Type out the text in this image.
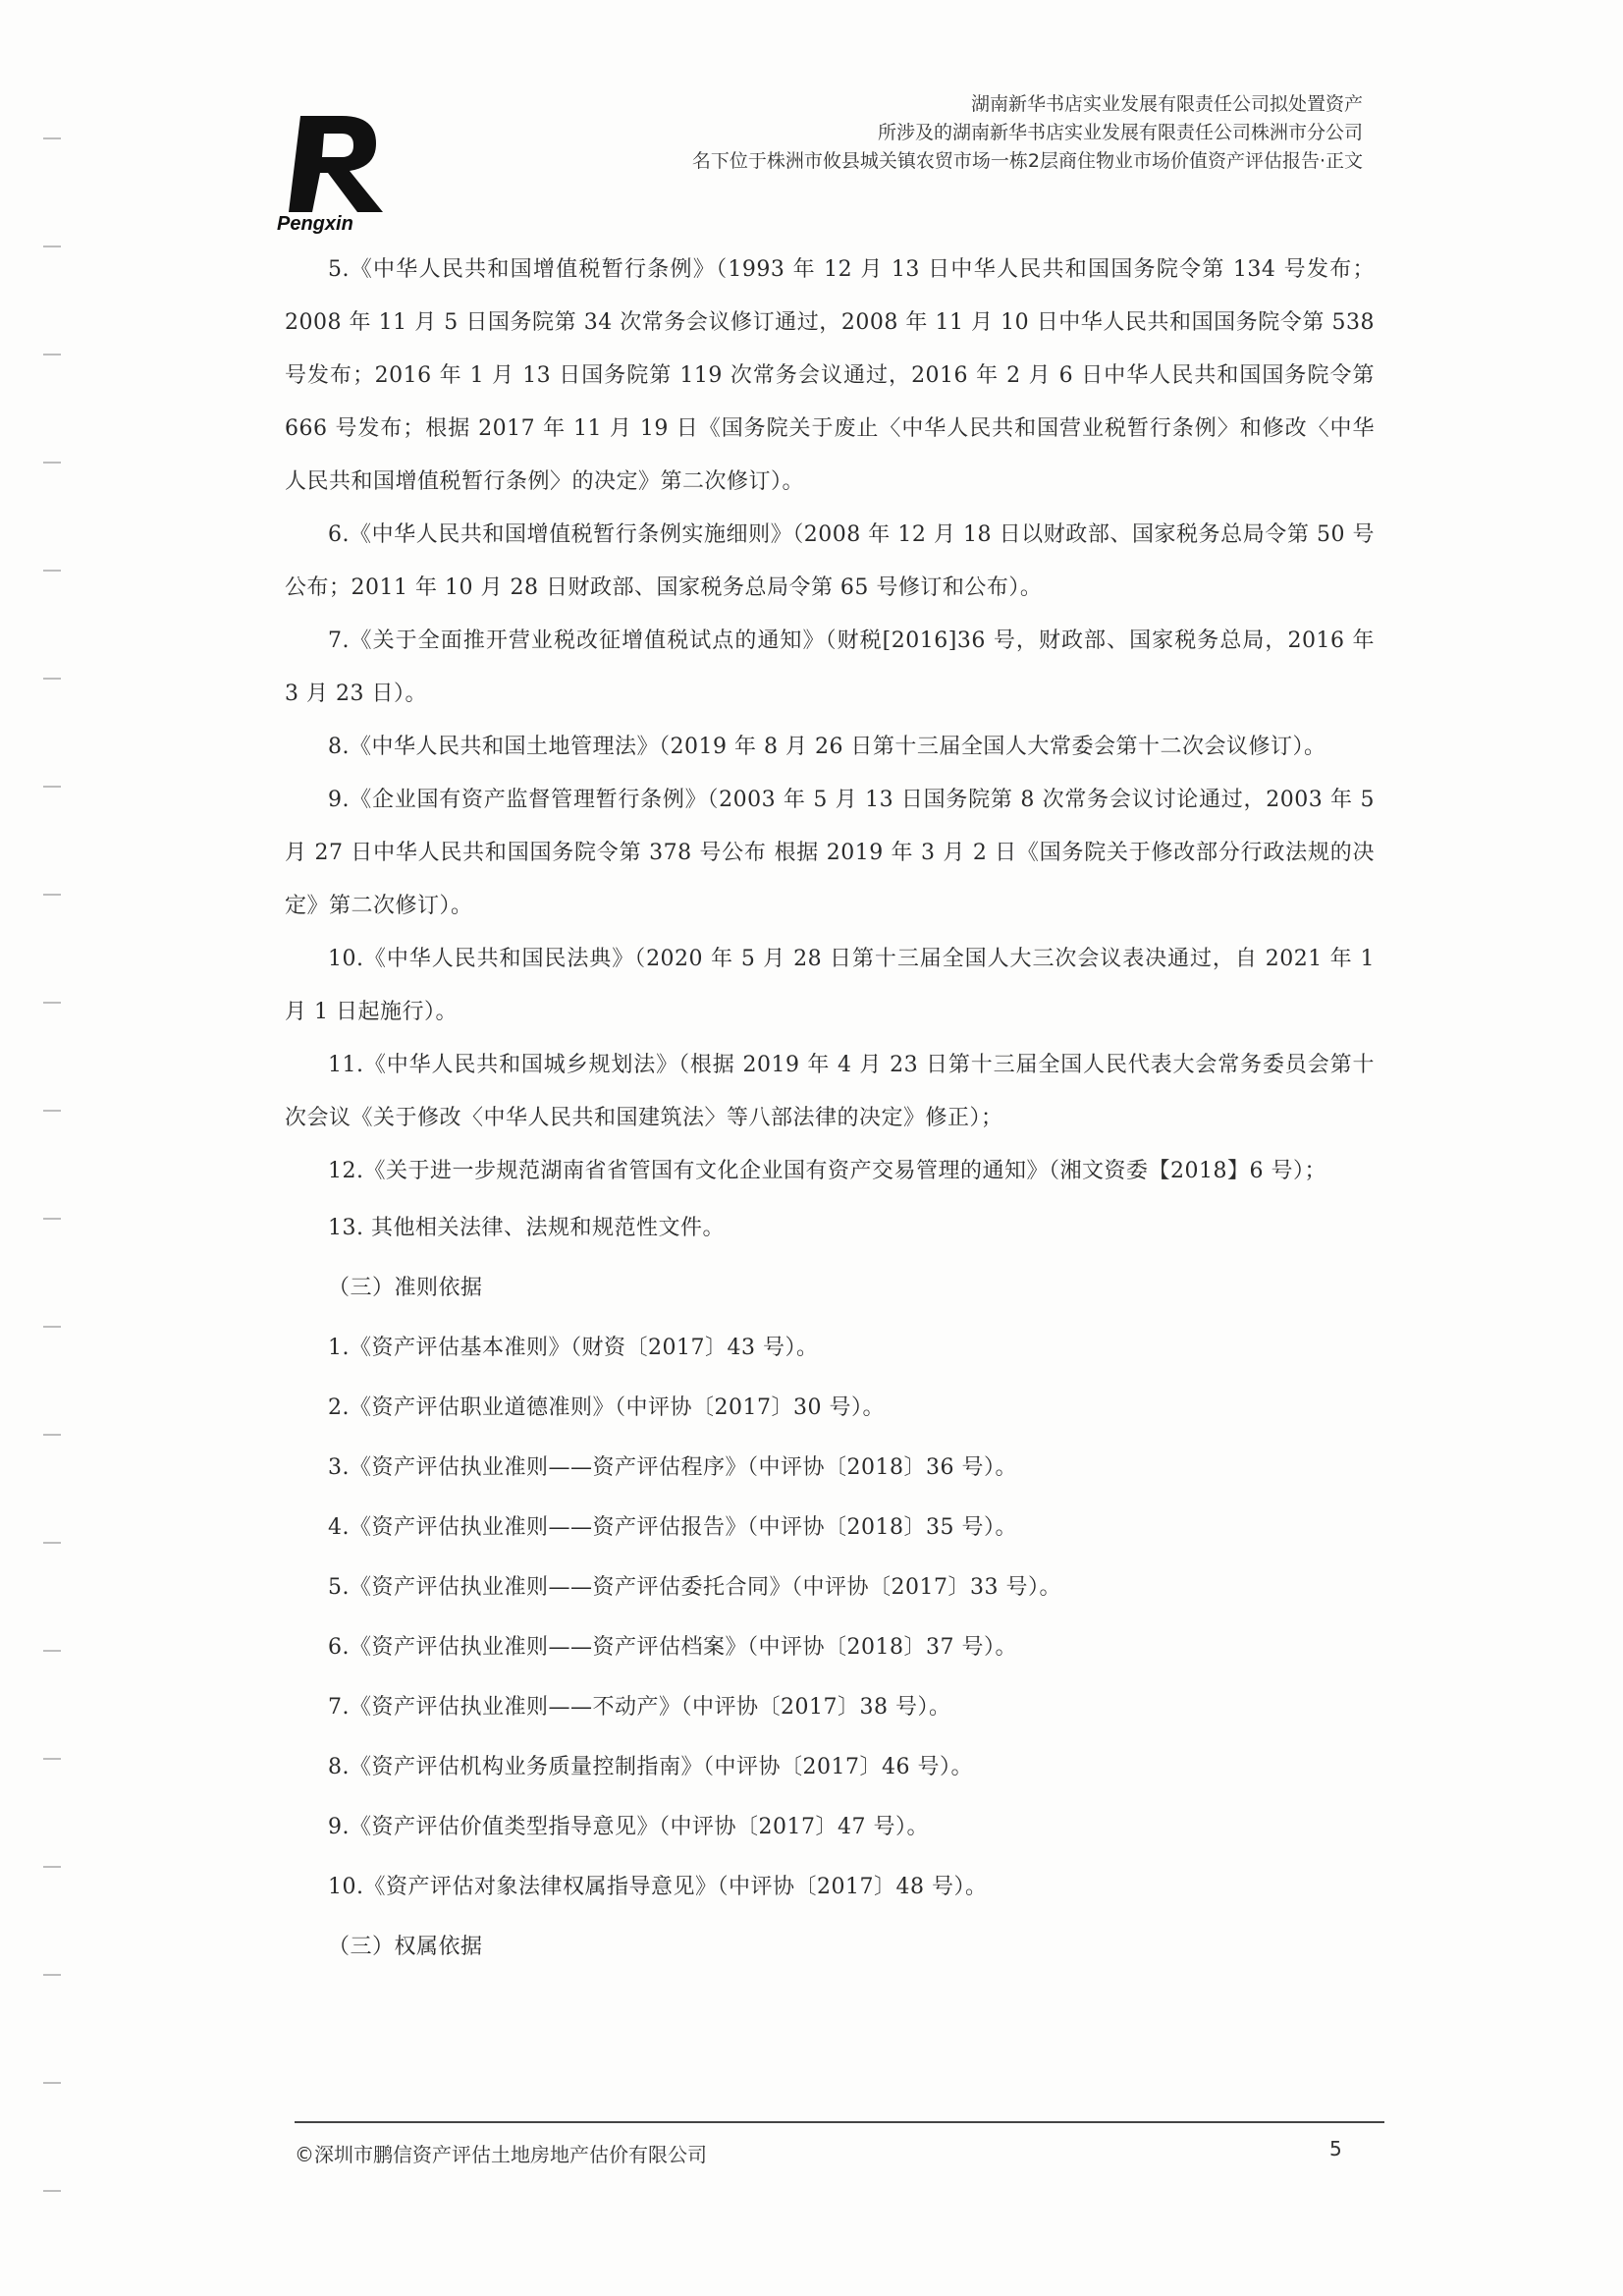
Pengxin
湖南新华书店实业发展有限责任公司拟处置资产
所涉及的湖南新华书店实业发展有限责任公司株洲市分公司
名下位于株洲市攸县城关镇农贸市场一栋2层商住物业市场价值资产评估报告·正文

5.《中华人民共和国增值税暂行条例》（1993 年 12 月 13 日中华人民共和国国务院令第 134 号发布；2008 年 11 月 5 日国务院第 34 次常务会议修订通过，2008 年 11 月 10 日中华人民共和国国务院令第 538 号发布；2016 年 1 月 13 日国务院第 119 次常务会议通过，2016 年 2 月 6 日中华人民共和国国务院令第 666 号发布；根据 2017 年 11 月 19 日《国务院关于废止〈中华人民共和国营业税暂行条例〉和修改〈中华人民共和国增值税暂行条例〉的决定》第二次修订）。

6.《中华人民共和国增值税暂行条例实施细则》（2008 年 12 月 18 日以财政部、国家税务总局令第 50 号公布；2011 年 10 月 28 日财政部、国家税务总局令第 65 号修订和公布）。

7.《关于全面推开营业税改征增值税试点的通知》（财税[2016]36 号，财政部、国家税务总局，2016 年 3 月 23 日）。

8.《中华人民共和国土地管理法》（2019 年 8 月 26 日第十三届全国人大常委会第十二次会议修订）。

9.《企业国有资产监督管理暂行条例》（2003 年 5 月 13 日国务院第 8 次常务会议讨论通过，2003 年 5 月 27 日中华人民共和国国务院令第 378 号公布 根据 2019 年 3 月 2 日《国务院关于修改部分行政法规的决定》第二次修订）。

10.《中华人民共和国民法典》（2020 年 5 月 28 日第十三届全国人大三次会议表决通过，自 2021 年 1 月 1 日起施行）。

11.《中华人民共和国城乡规划法》（根据 2019 年 4 月 23 日第十三届全国人民代表大会常务委员会第十次会议《关于修改〈中华人民共和国建筑法〉等八部法律的决定》修正）；

12.《关于进一步规范湖南省省管国有文化企业国有资产交易管理的通知》（湘文资委【2018】6 号）；

13. 其他相关法律、法规和规范性文件。

（三）准则依据

1.《资产评估基本准则》（财资〔2017〕43 号）。

2.《资产评估职业道德准则》（中评协〔2017〕30 号）。

3.《资产评估执业准则——资产评估程序》（中评协〔2018〕36 号）。

4.《资产评估执业准则——资产评估报告》（中评协〔2018〕35 号）。

5.《资产评估执业准则——资产评估委托合同》（中评协〔2017〕33 号）。

6.《资产评估执业准则——资产评估档案》（中评协〔2018〕37 号）。

7.《资产评估执业准则——不动产》（中评协〔2017〕38 号）。

8.《资产评估机构业务质量控制指南》（中评协〔2017〕46 号）。

9.《资产评估价值类型指导意见》（中评协〔2017〕47 号）。

10.《资产评估对象法律权属指导意见》（中评协〔2017〕48 号）。

（三）权属依据

©深圳市鹏信资产评估土地房地产估价有限公司	5
